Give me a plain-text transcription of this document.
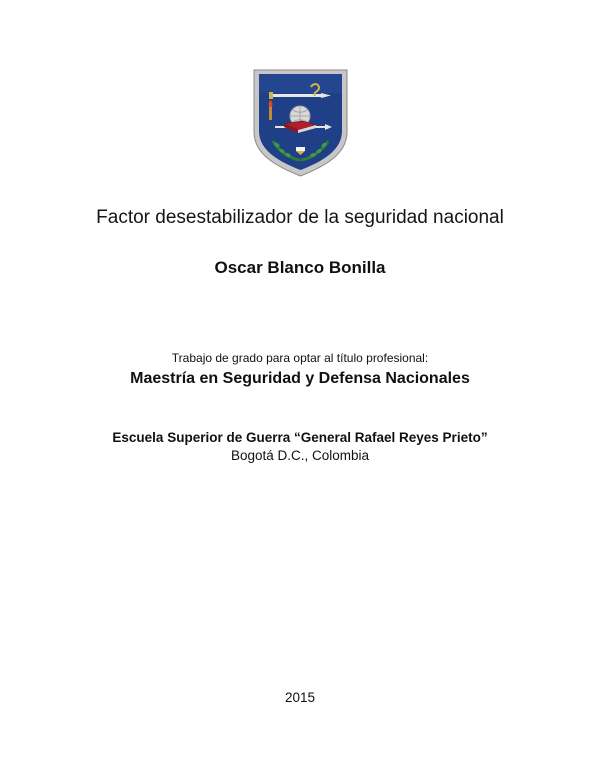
Factor desestabilizador de la seguridad nacional
Oscar Blanco Bonilla
Trabajo de grado para optar al título profesional:
Maestría en Seguridad y Defensa Nacionales
Escuela Superior de Guerra “General Rafael Reyes Prieto”
Bogotá D.C., Colombia
2015
